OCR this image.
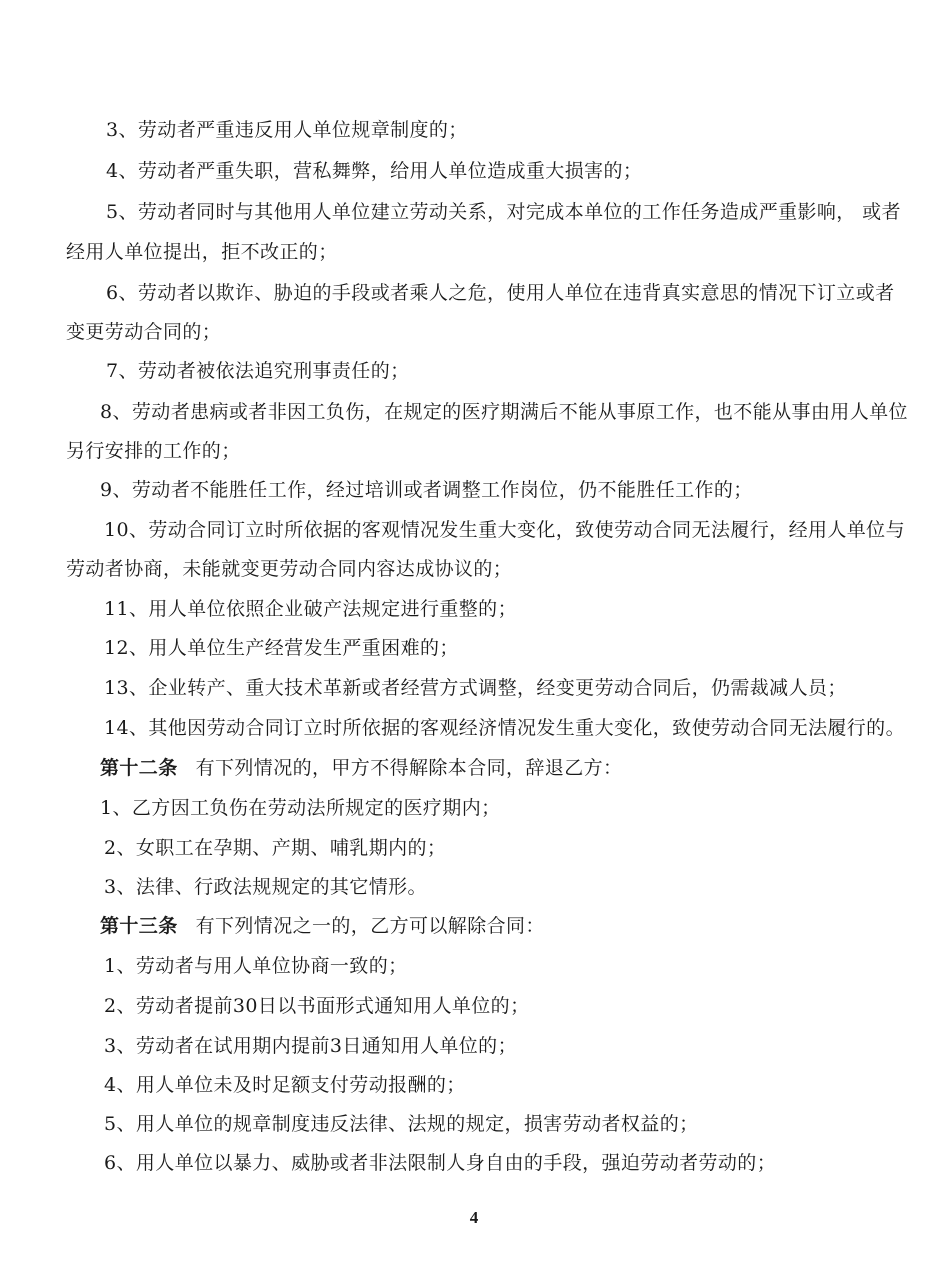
3、劳动者严重违反用人单位规章制度的；
4、劳动者严重失职，营私舞弊，给用人单位造成重大损害的；
5、劳动者同时与其他用人单位建立劳动关系，对完成本单位的工作任务造成严重影响， 或者
经用人单位提出，拒不改正的；
6、劳动者以欺诈、胁迫的手段或者乘人之危，使用人单位在违背真实意思的情况下订立或者
变更劳动合同的；
7、劳动者被依法追究刑事责任的；
8、劳动者患病或者非因工负伤，在规定的医疗期满后不能从事原工作，也不能从事由用人单位
另行安排的工作的；
9、劳动者不能胜任工作，经过培训或者调整工作岗位，仍不能胜任工作的；
10、劳动合同订立时所依据的客观情况发生重大变化，致使劳动合同无法履行，经用人单位与
劳动者协商，未能就变更劳动合同内容达成协议的；
11、用人单位依照企业破产法规定进行重整的；
12、用人单位生产经营发生严重困难的；
13、企业转产、重大技术革新或者经营方式调整，经变更劳动合同后，仍需裁减人员；
14、其他因劳动合同订立时所依据的客观经济情况发生重大变化，致使劳动合同无法履行的。
第十二条 有下列情况的，甲方不得解除本合同，辞退乙方：
1、乙方因工负伤在劳动法所规定的医疗期内；
2、女职工在孕期、产期、哺乳期内的；
3、法律、行政法规规定的其它情形。
第十三条 有下列情况之一的，乙方可以解除合同：
1、劳动者与用人单位协商一致的；
2、劳动者提前30日以书面形式通知用人单位的；
3、劳动者在试用期内提前3日通知用人单位的；
4、用人单位未及时足额支付劳动报酬的；
5、用人单位的规章制度违反法律、法规的规定，损害劳动者权益的；
6、用人单位以暴力、威胁或者非法限制人身自由的手段，强迫劳动者劳动的；
4
